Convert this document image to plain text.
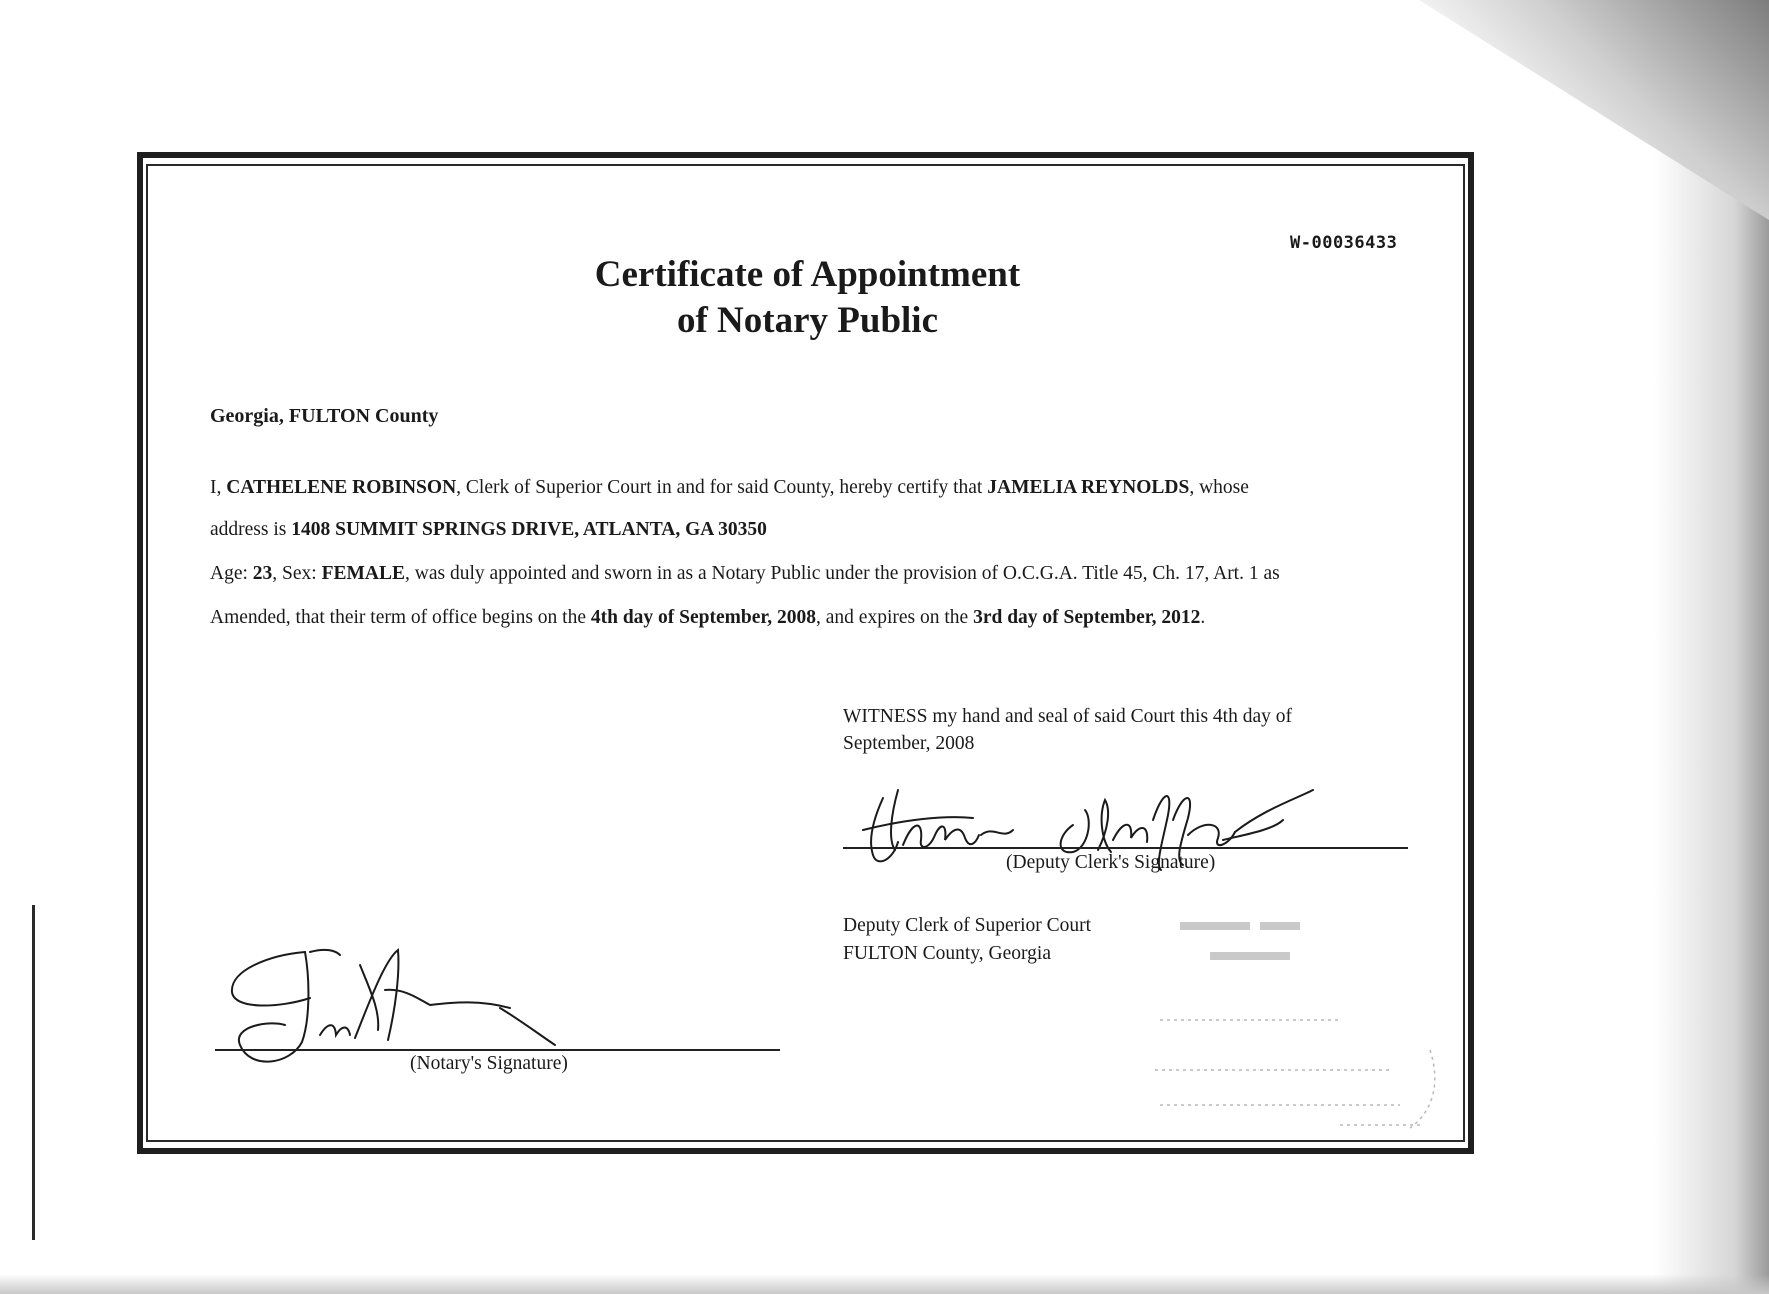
W-00036433
Certificate of Appointment
of Notary Public
Georgia, FULTON County
I, CATHELENE ROBINSON, Clerk of Superior Court in and for said County, hereby certify that JAMELIA REYNOLDS, whose
address is 1408 SUMMIT SPRINGS DRIVE, ATLANTA, GA 30350
Age: 23, Sex: FEMALE, was duly appointed and sworn in as a Notary Public under the provision of O.C.G.A. Title 45, Ch. 17, Art. 1 as
Amended, that their term of office begins on the 4th day of September, 2008, and expires on the 3rd day of September, 2012.
WITNESS my hand and seal of said Court this 4th day of
September, 2008
(Deputy Clerk's Signature)
Deputy Clerk of Superior Court
FULTON County, Georgia
(Notary's Signature)
